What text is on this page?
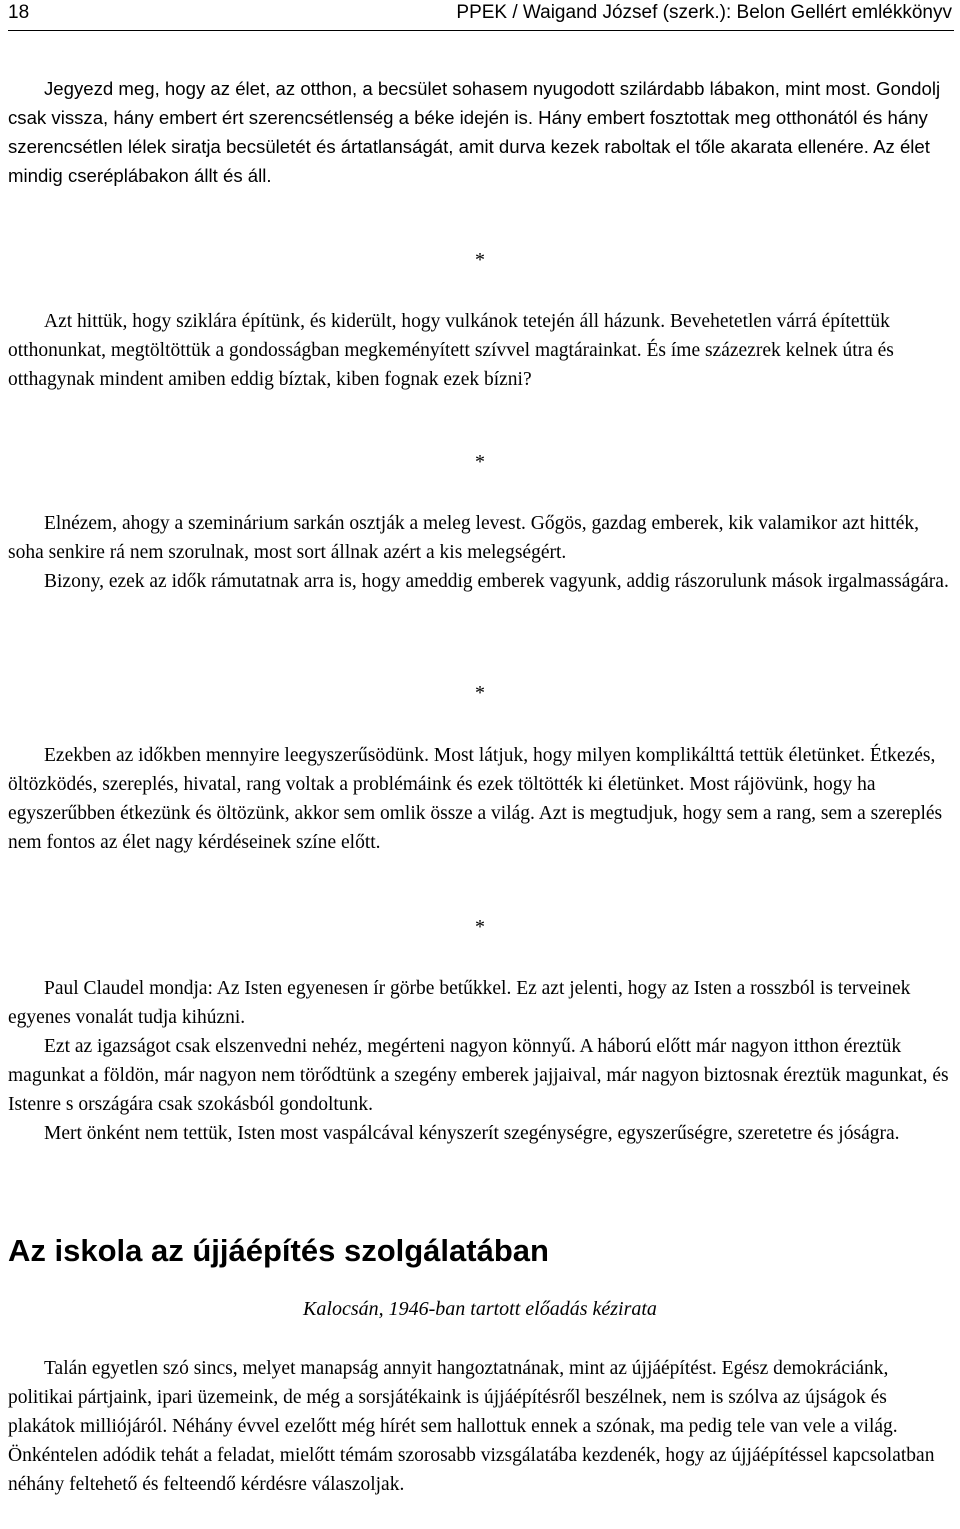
18	PPEK / Waigand József (szerk.): Belon Gellért emlékkönyv

Jegyezd meg, hogy az élet, az otthon, a becsület sohasem nyugodott szilárdabb lábakon, mint most. Gondolj csak vissza, hány embert ért szerencsétlenség a béke idején is. Hány embert fosztottak meg otthonától és hány szerencsétlen lélek siratja becsületét és ártatlanságát, amit durva kezek raboltak el tőle akarata ellenére. Az élet mindig cseréplábakon állt és áll.

*

Azt hittük, hogy sziklára építünk, és kiderült, hogy vulkánok tetején áll házunk. Bevehetetlen várrá építettük otthonunkat, megtöltöttük a gondosságban megkeményített szívvel magtárainkat. És íme százezrek kelnek útra és otthagynak mindent amiben eddig bíztak, kiben fognak ezek bízni?

*

Elnézem, ahogy a szeminárium sarkán osztják a meleg levest. Gőgös, gazdag emberek, kik valamikor azt hitték, soha senkire rá nem szorulnak, most sort állnak azért a kis melegségért.

Bizony, ezek az idők rámutatnak arra is, hogy ameddig emberek vagyunk, addig rászorulunk mások irgalmasságára.

*

Ezekben az időkben mennyire leegyszerűsödünk. Most látjuk, hogy milyen komplikálttá tettük életünket. Étkezés, öltözködés, szereplés, hivatal, rang voltak a problémáink és ezek töltötték ki életünket. Most rájövünk, hogy ha egyszerűbben étkezünk és öltözünk, akkor sem omlik össze a világ. Azt is megtudjuk, hogy sem a rang, sem a szereplés nem fontos az élet nagy kérdéseinek színe előtt.

*

Paul Claudel mondja: Az Isten egyenesen ír görbe betűkkel. Ez azt jelenti, hogy az Isten a rosszból is terveinek egyenes vonalát tudja kihúzni.

Ezt az igazságot csak elszenvedni nehéz, megérteni nagyon könnyű. A háború előtt már nagyon itthon éreztük magunkat a földön, már nagyon nem törődtünk a szegény emberek jajjaival, már nagyon biztosnak éreztük magunkat, és Istenre s országára csak szokásból gondoltunk.

Mert önként nem tettük, Isten most vaspálcával kényszerít szegénységre, egyszerűségre, szeretetre és jóságra.

Az iskola az újjáépítés szolgálatában
Kalocsán, 1946-ban tartott előadás kézirata

Talán egyetlen szó sincs, melyet manapság annyit hangoztatnának, mint az újjáépítést. Egész demokráciánk, politikai pártjaink, ipari üzemeink, de még a sorsjátékaink is újjáépítésről beszélnek, nem is szólva az újságok és plakátok milliójáról. Néhány évvel ezelőtt még hírét sem hallottuk ennek a szónak, ma pedig tele van vele a világ. Önkéntelen adódik tehát a feladat, mielőtt témám szorosabb vizsgálatába kezdenék, hogy az újjáépítéssel kapcsolatban néhány feltehető és felteendő kérdésre válaszoljak.
